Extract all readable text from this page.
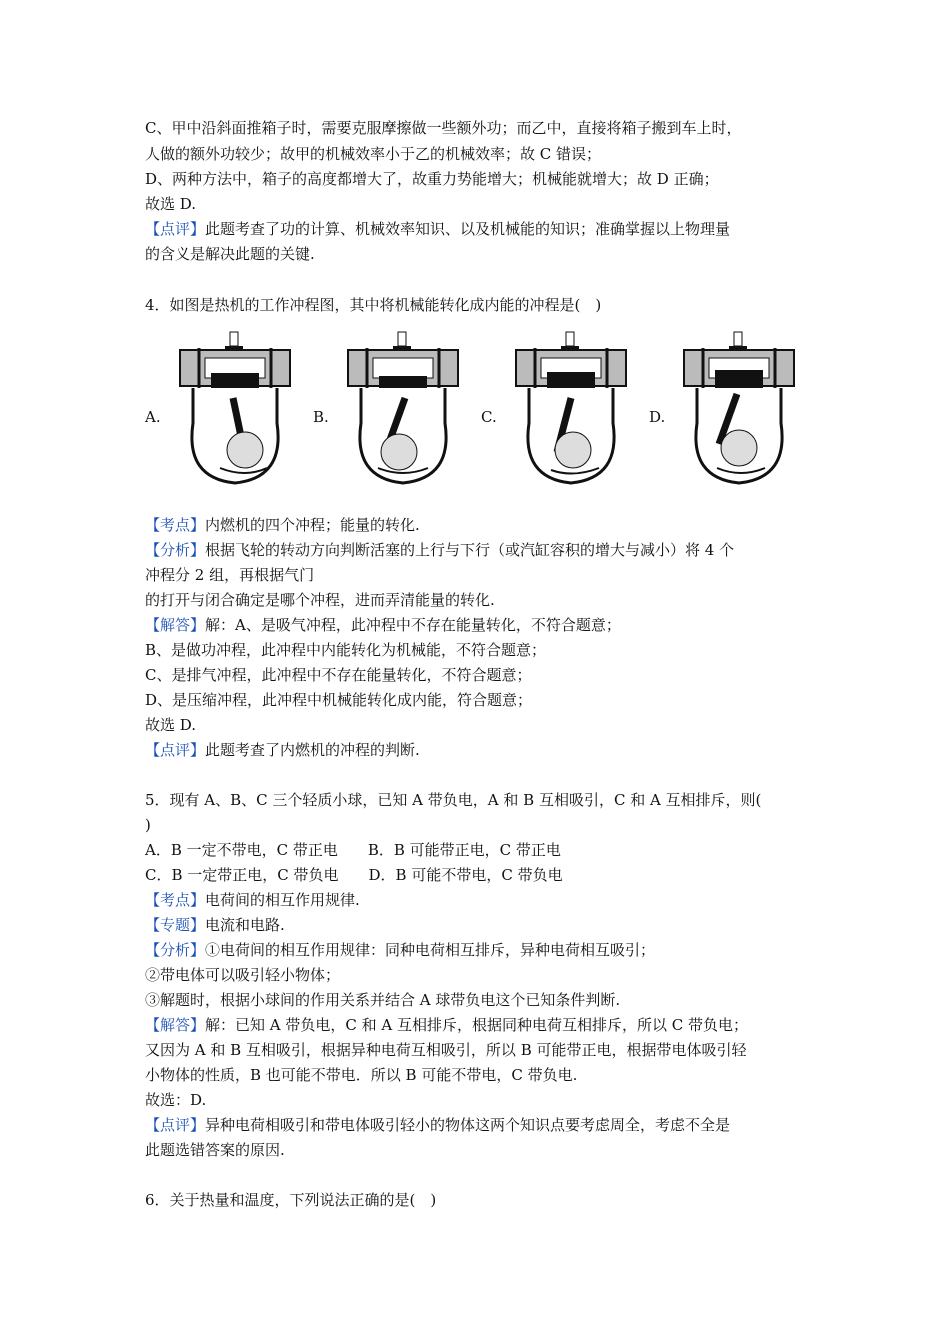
C、甲中沿斜面推箱子时，需要克服摩擦做一些额外功；而乙中，直接将箱子搬到车上时，
人做的额外功较少；故甲的机械效率小于乙的机械效率；故 C 错误；
D、两种方法中，箱子的高度都增大了，故重力势能增大；机械能就增大；故 D 正确；
故选 D.
【点评】此题考查了功的计算、机械效率知识、以及机械能的知识；准确掌握以上物理量
的含义是解决此题的关键.
4．如图是热机的工作冲程图，其中将机械能转化成内能的冲程是(　)
A.	B.	C.	D.
【考点】内燃机的四个冲程；能量的转化.
【分析】根据飞轮的转动方向判断活塞的上行与下行（或汽缸容积的增大与减小）将 4 个
冲程分 2 组，再根据气门
的打开与闭合确定是哪个冲程，进而弄清能量的转化.
【解答】解：A、是吸气冲程，此冲程中不存在能量转化，不符合题意；
B、是做功冲程，此冲程中内能转化为机械能，不符合题意；
C、是排气冲程，此冲程中不存在能量转化，不符合题意；
D、是压缩冲程，此冲程中机械能转化成内能，符合题意；
故选 D.
【点评】此题考查了内燃机的冲程的判断.
5．现有 A、B、C 三个轻质小球，已知 A 带负电，A 和 B 互相吸引，C 和 A 互相排斥，则(
)
A．B 一定不带电，C 带正电　　B．B 可能带正电，C 带正电
C．B 一定带正电，C 带负电　　D．B 可能不带电，C 带负电
【考点】电荷间的相互作用规律.
【专题】电流和电路.
【分析】①电荷间的相互作用规律：同种电荷相互排斥，异种电荷相互吸引；
②带电体可以吸引轻小物体；
③解题时，根据小球间的作用关系并结合 A 球带负电这个已知条件判断.
【解答】解：已知 A 带负电，C 和 A 互相排斥，根据同种电荷互相排斥，所以 C 带负电；
又因为 A 和 B 互相吸引，根据异种电荷互相吸引，所以 B 可能带正电，根据带电体吸引轻
小物体的性质，B 也可能不带电．所以 B 可能不带电，C 带负电.
故选：D.
【点评】异种电荷相吸引和带电体吸引轻小的物体这两个知识点要考虑周全，考虑不全是
此题选错答案的原因.
6．关于热量和温度，下列说法正确的是(　)
